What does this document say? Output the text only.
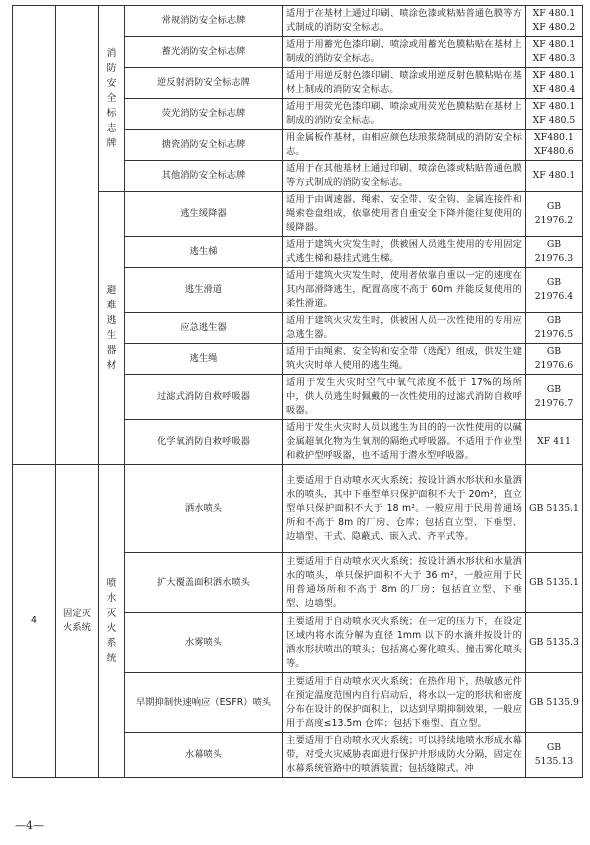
		消防安全标志牌	常规消防安全标志牌	适用于在基材上通过印刷、喷涂色漆或粘贴普通色膜等方式制成的消防安全标志。	XF 480.1
XF 480.2

			蓄光消防安全标志牌	适用于用蓄光色漆印刷、喷涂或用蓄光色膜粘贴在基材上制成的消防安全标志。	XF 480.1
XF 480.3

			逆反射消防安全标志牌	适用于用逆反射色漆印刷、喷涂或用逆反射色膜粘贴在基材上制成的消防安全标志。	XF 480.1
XF 480.4

			荧光消防安全标志牌	适用于用荧光色漆印刷、喷涂或用荧光色膜粘贴在基材上制成的消防安全标志。	XF 480.1
XF 480.5

			搪瓷消防安全标志牌	用金属板作基材，由相应颜色珐琅浆烧制成的消防安全标志。	XF480.1
XF480.6

			其他消防安全标志牌	适用于在其他基材上通过印刷、喷涂色漆或粘贴普通色膜等方式制成的消防安全标志。	XF 480.1

		避难逃生器材	逃生缓降器	适用于由调速器、绳索、安全带、安全钩、金属连接件和绳索卷盘组成，依靠使用者自重安全下降并能往复使用的缓降器。	GB 21976.2

			逃生梯	适用于建筑火灾发生时，供被困人员逃生使用的专用固定式逃生梯和悬挂式逃生梯。	GB 21976.3

			逃生滑道	适用于建筑火灾发生时，使用者依靠自重以一定的速度在其内部滑降逃生，配置高度不高于 60m 并能反复使用的柔性滑道。	GB 21976.4

			应急逃生器	适用于建筑火灾发生时，供被困人员一次性使用的专用应急逃生器。	GB 21976.5

			逃生绳	适用于由绳索、安全钩和安全带（选配）组成，供发生建筑火灾时单人使用的逃生绳。	GB 21976.6

			过滤式消防自救呼吸器	适用于发生火灾时空气中氧气浓度不低于 17%的场所中，供人员逃生时佩戴的一次性使用的过滤式消防自救呼吸器。	GB 21976.7

			化学氧消防自救呼吸器	适用于发生火灾时人员以逃生为目的的一次性使用的以碱金属超氧化物为生氧剂的隔绝式呼吸器。不适用于作业型和救护型呼吸器，也不适用于潜水型呼吸器。	XF 411

4	固定灭火系统	喷水灭火系统	洒水喷头	主要适用于自动喷水灭火系统；按设计洒水形状和水量洒水的喷头，其中下垂型单只保护面积不大于 20m²，直立型单只保护面积不大于 18 m²。一般应用于民用普通场所和不高于 8m 的厂房、仓库；包括直立型、下垂型、边墙型、干式、隐蔽式、嵌入式、齐平式等。	GB 5135.1

			扩大覆盖面积洒水喷头	主要适用于自动喷水灭火系统；按设计洒水形状和水量洒水的喷头，单只保护面积不大于 36 m²，一般应用于民用普通场所和不高于 8m 的厂房；包括直立型、下垂型、边墙型。	GB 5135.1

			水雾喷头	主要适用于自动喷水灭火系统；在一定的压力下，在设定区域内将水流分解为直径 1mm 以下的水滴并按设计的洒水形状喷出的喷头；包括离心雾化喷头、撞击雾化喷头等。	GB 5135.3

			早期抑制快速响应（ESFR）喷头	主要适用于自动喷水灭火系统；在热作用下，热敏感元件在预定温度范围内自行启动后，将水以一定的形状和密度分布在设计的保护面积上，以达到早期抑制效果，一般应用于高度≤13.5m 仓库；包括下垂型、直立型。	GB 5135.9

			水幕喷头	主要适用于自动喷水灭火系统；可以持续地喷水形成水幕带，对受火灾威胁表面进行保护并形成防火分隔，固定在水幕系统管路中的喷洒装置；包括缝隙式、冲	GB 5135.13
—4—
